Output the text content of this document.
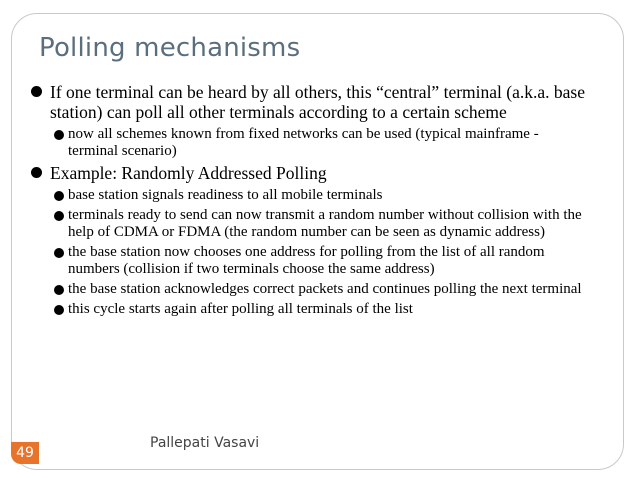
Polling mechanisms
If one terminal can be heard by all others, this “central” terminal (a.k.a. base station) can poll all other terminals according to a certain scheme
now all schemes known from fixed networks can be used (typical mainframe - terminal scenario)
Example: Randomly Addressed Polling
base station signals readiness to all mobile terminals
terminals ready to send can now transmit a random number without collision with the help of CDMA or FDMA (the random number can be seen as dynamic address)
the base station now chooses one address for polling from the list of all random numbers (collision if two terminals choose the same address)
the base station acknowledges correct packets and continues polling the next terminal
this cycle starts again after polling all terminals of the list
49
Pallepati Vasavi
